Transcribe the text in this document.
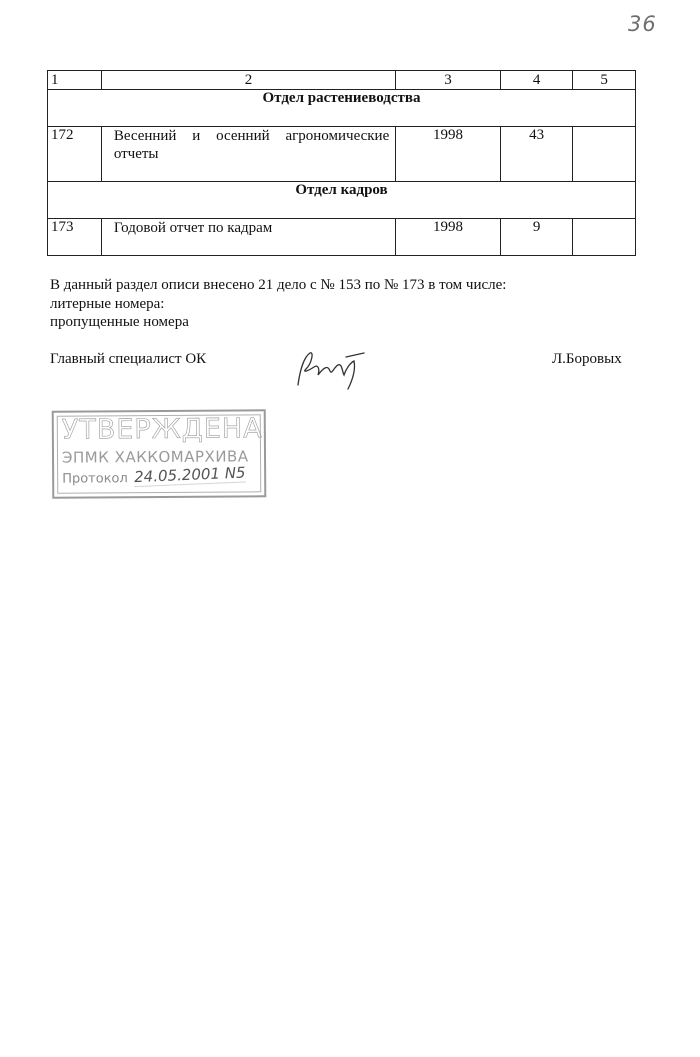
36
1	2	3	4	5
Отдел растениеводства				
172	Весенний и осенний агрономические отчеты	1998	43	
Отдел кадров				
173	Годовой отчет по кадрам	1998	9	
В данный раздел описи внесено 21 дело с № 153 по № 173 в том числе:
литерные номера:
пропущенные номера
Главный специалист ОК	Л.Боровых
УТВЕРЖДЕНА
ЭПМК ХАККОМАРХИВА
Протокол 24.05.2001 N5
